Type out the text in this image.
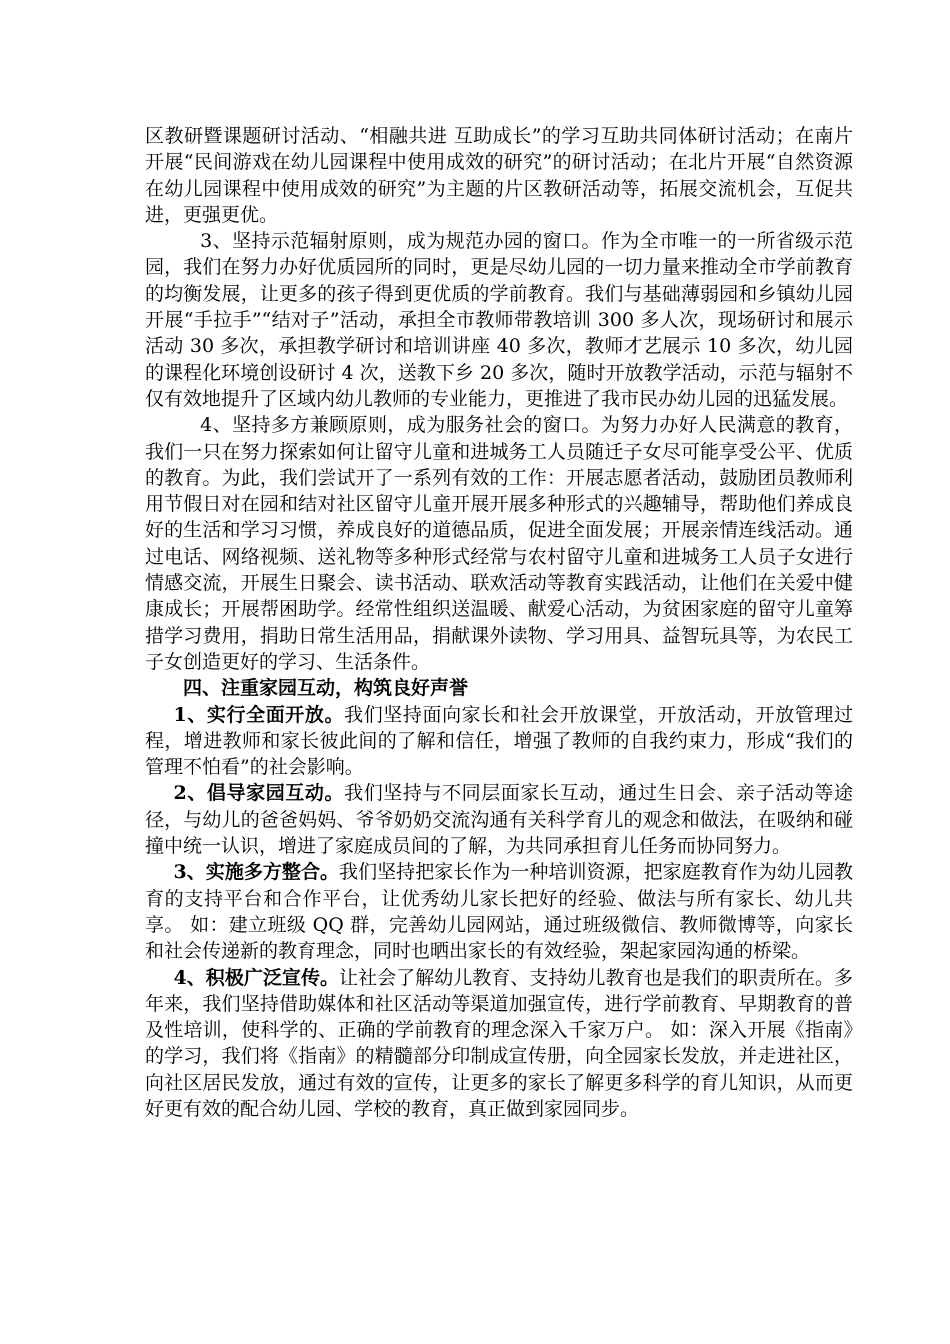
区教研暨课题研讨活动、“相融共进 互助成长”的学习互助共同体研讨活动；在南片开展“民间游戏在幼儿园课程中使用成效的研究”的研讨活动；在北片开展“自然资源在幼儿园课程中使用成效的研究”为主题的片区教研活动等，拓展交流机会，互促共进，更强更优。

3、坚持示范辐射原则，成为规范办园的窗口。作为全市唯一的一所省级示范园，我们在努力办好优质园所的同时，更是尽幼儿园的一切力量来推动全市学前教育的均衡发展，让更多的孩子得到更优质的学前教育。我们与基础薄弱园和乡镇幼儿园开展“手拉手”“结对子”活动，承担全市教师带教培训 300 多人次，现场研讨和展示活动 30 多次，承担教学研讨和培训讲座 40 多次，教师才艺展示 10 多次，幼儿园的课程化环境创设研讨 4 次，送教下乡 20 多次，随时开放教学活动，示范与辐射不仅有效地提升了区域内幼儿教师的专业能力，更推进了我市民办幼儿园的迅猛发展。

4、坚持多方兼顾原则，成为服务社会的窗口。为努力办好人民满意的教育，我们一只在努力探索如何让留守儿童和进城务工人员随迁子女尽可能享受公平、优质的教育。为此，我们尝试开了一系列有效的工作：开展志愿者活动，鼓励团员教师利用节假日对在园和结对社区留守儿童开展开展多种形式的兴趣辅导，帮助他们养成良好的生活和学习习惯，养成良好的道德品质，促进全面发展；开展亲情连线活动。通过电话、网络视频、送礼物等多种形式经常与农村留守儿童和进城务工人员子女进行情感交流，开展生日聚会、读书活动、联欢活动等教育实践活动，让他们在关爱中健康成长；开展帮困助学。经常性组织送温暖、献爱心活动，为贫困家庭的留守儿童筹措学习费用，捐助日常生活用品，捐献课外读物、学习用具、益智玩具等，为农民工子女创造更好的学习、生活条件。

四、注重家园互动，构筑良好声誉

1、实行全面开放。我们坚持面向家长和社会开放课堂，开放活动，开放管理过程，增进教师和家长彼此间的了解和信任，增强了教师的自我约束力，形成“我们的管理不怕看”的社会影响。

2、倡导家园互动。我们坚持与不同层面家长互动，通过生日会、亲子活动等途径，与幼儿的爸爸妈妈、爷爷奶奶交流沟通有关科学育儿的观念和做法，在吸纳和碰撞中统一认识，增进了家庭成员间的了解，为共同承担育儿任务而协同努力。

3、实施多方整合。我们坚持把家长作为一种培训资源，把家庭教育作为幼儿园教育的支持平台和合作平台，让优秀幼儿家长把好的经验、做法与所有家长、幼儿共享。 如：建立班级 QQ 群，完善幼儿园网站，通过班级微信、教师微博等，向家长和社会传递新的教育理念，同时也晒出家长的有效经验，架起家园沟通的桥梁。

4、积极广泛宣传。让社会了解幼儿教育、支持幼儿教育也是我们的职责所在。多年来，我们坚持借助媒体和社区活动等渠道加强宣传，进行学前教育、早期教育的普及性培训，使科学的、正确的学前教育的理念深入千家万户。 如：深入开展《指南》的学习，我们将《指南》的精髓部分印制成宣传册，向全园家长发放，并走进社区，向社区居民发放，通过有效的宣传，让更多的家长了解更多科学的育儿知识，从而更好更有效的配合幼儿园、学校的教育，真正做到家园同步。
